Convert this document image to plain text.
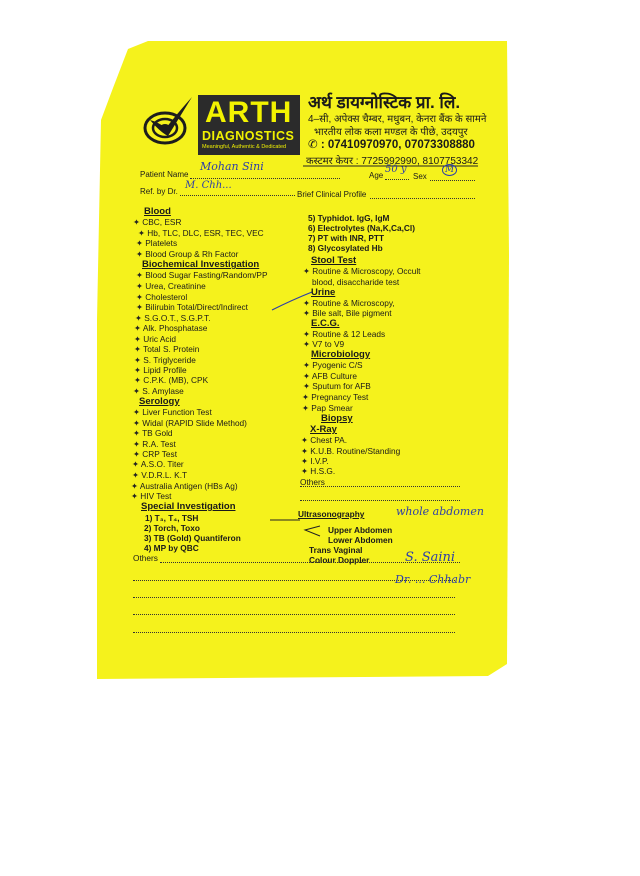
ARTH
DIAGNOSTICS
Meaningful, Authentic & Dedicated
अर्थ डायग्नोस्टिक प्रा. लि.
4–सी, अपेक्स चैम्बर, मधुबन, केनरा बैंक के सामने
भारतीय लोक कला मण्डल के पीछे, उदयपुर
✆ : 07410970970, 07073308880
कस्टमर केयर : 7725992990, 8107753342
Patient Name
Mohan Sini
Age
50 y
Sex
M
Ref. by Dr.
M. Chh...
Brief Clinical Profile
Blood
✦ CBC, ESR
✦ Hb, TLC, DLC, ESR, TEC, VEC
✦ Platelets
✦ Blood Group & Rh Factor
Biochemical Investigation
✦ Blood Sugar Fasting/Random/PP
✦ Urea, Creatinine
✦ Cholesterol
✦ Bilirubin Total/Direct/Indirect
✦ S.G.O.T., S.G.P.T.
✦ Alk. Phosphatase
✦ Uric Acid
✦ Total S. Protein
✦ S. Triglyceride
✦ Lipid Profile
✦ C.P.K. (MB), CPK
✦ S. Amylase
Serology
✦ Liver Function Test
✦ Widal (RAPID Slide Method)
✦ TB Gold
✦ R.A. Test
✦ CRP Test
✦ A.S.O. Titer
✦ V.D.R.L. K.T
✦ Australia Antigen (HBs Ag)
✦ HIV Test
Special Investigation
1) T₃, T₄, TSH
2) Torch, Toxo
3) TB (Gold) Quantiferon
4) MP by QBC
Others
5) Typhidot. IgG, IgM
6) Electrolytes (Na,K,Ca,Cl)
7) PT with INR, PTT
8) Glycosylated Hb
Stool Test
✦ Routine & Microscopy, Occult
blood, disaccharide test
Urine
✦ Routine & Microscopy,
✦ Bile salt, Bile pigment
E.C.G.
✦ Routine & 12 Leads
✦ V7 to V9
Microbiology
✦ Pyogenic C/S
✦ AFB Culture
✦ Sputum for AFB
✦ Pregnancy Test
✦ Pap Smear
Biopsy
X-Ray
✦ Chest PA.
✦ K.U.B. Routine/Standing
✦ I.V.P.
✦ H.S.G.
Others
Ultrasonography
Upper Abdomen
Lower Abdomen
Trans Vaginal
Colour Doppler
whole abdomen
S. Saini
Dr. ... Chhabr
